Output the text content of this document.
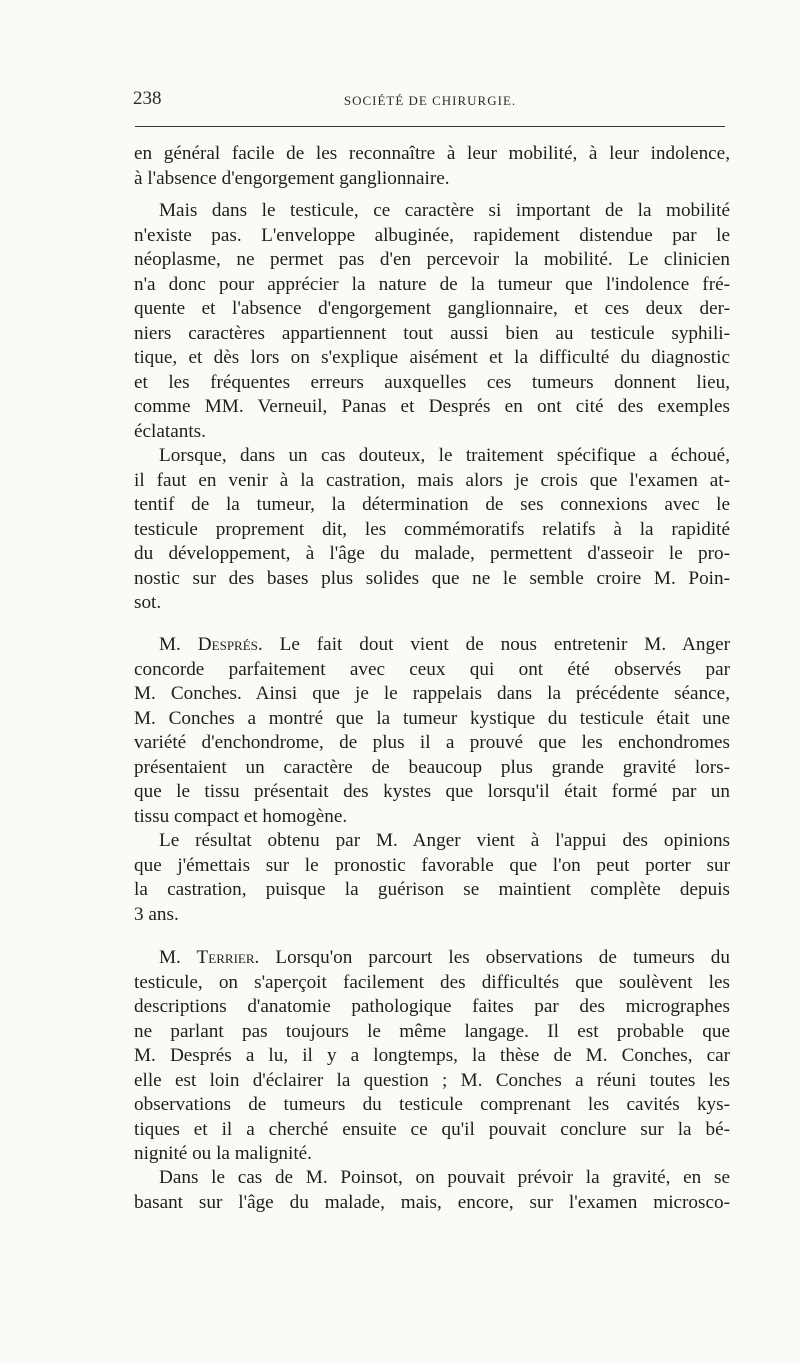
238	SOCIÉTÉ DE CHIRURGIE.
en général facile de les reconnaître à leur mobilité, à leur indolence,
à l'absence d'engorgement ganglionnaire.
Mais dans le testicule, ce caractère si important de la mobilité
n'existe pas. L'enveloppe albuginée, rapidement distendue par le
néoplasme, ne permet pas d'en percevoir la mobilité. Le clinicien
n'a donc pour apprécier la nature de la tumeur que l'indolence fré-
quente et l'absence d'engorgement ganglionnaire, et ces deux der-
niers caractères appartiennent tout aussi bien au testicule syphili-
tique, et dès lors on s'explique aisément et la difficulté du diagnostic
et les fréquentes erreurs auxquelles ces tumeurs donnent lieu,
comme MM. Verneuil, Panas et Després en ont cité des exemples
éclatants.
Lorsque, dans un cas douteux, le traitement spécifique a échoué,
il faut en venir à la castration, mais alors je crois que l'examen at-
tentif de la tumeur, la détermination de ses connexions avec le
testicule proprement dit, les commémoratifs relatifs à la rapidité
du développement, à l'âge du malade, permettent d'asseoir le pro-
nostic sur des bases plus solides que ne le semble croire M. Poin-
sot.
M. Després. Le fait dout vient de nous entretenir M. Anger
concorde parfaitement avec ceux qui ont été observés par
M. Conches. Ainsi que je le rappelais dans la précédente séance,
M. Conches a montré que la tumeur kystique du testicule était une
variété d'enchondrome, de plus il a prouvé que les enchondromes
présentaient un caractère de beaucoup plus grande gravité lors-
que le tissu présentait des kystes que lorsqu'il était formé par un
tissu compact et homogène.
Le résultat obtenu par M. Anger vient à l'appui des opinions
que j'émettais sur le pronostic favorable que l'on peut porter sur
la castration, puisque la guérison se maintient complète depuis
3 ans.
M. Terrier. Lorsqu'on parcourt les observations de tumeurs du
testicule, on s'aperçoit facilement des difficultés que soulèvent les
descriptions d'anatomie pathologique faites par des micrographes
ne parlant pas toujours le même langage. Il est probable que
M. Després a lu, il y a longtemps, la thèse de M. Conches, car
elle est loin d'éclairer la question ; M. Conches a réuni toutes les
observations de tumeurs du testicule comprenant les cavités kys-
tiques et il a cherché ensuite ce qu'il pouvait conclure sur la bé-
nignité ou la malignité.
Dans le cas de M. Poinsot, on pouvait prévoir la gravité, en se
basant sur l'âge du malade, mais, encore, sur l'examen microsco-
